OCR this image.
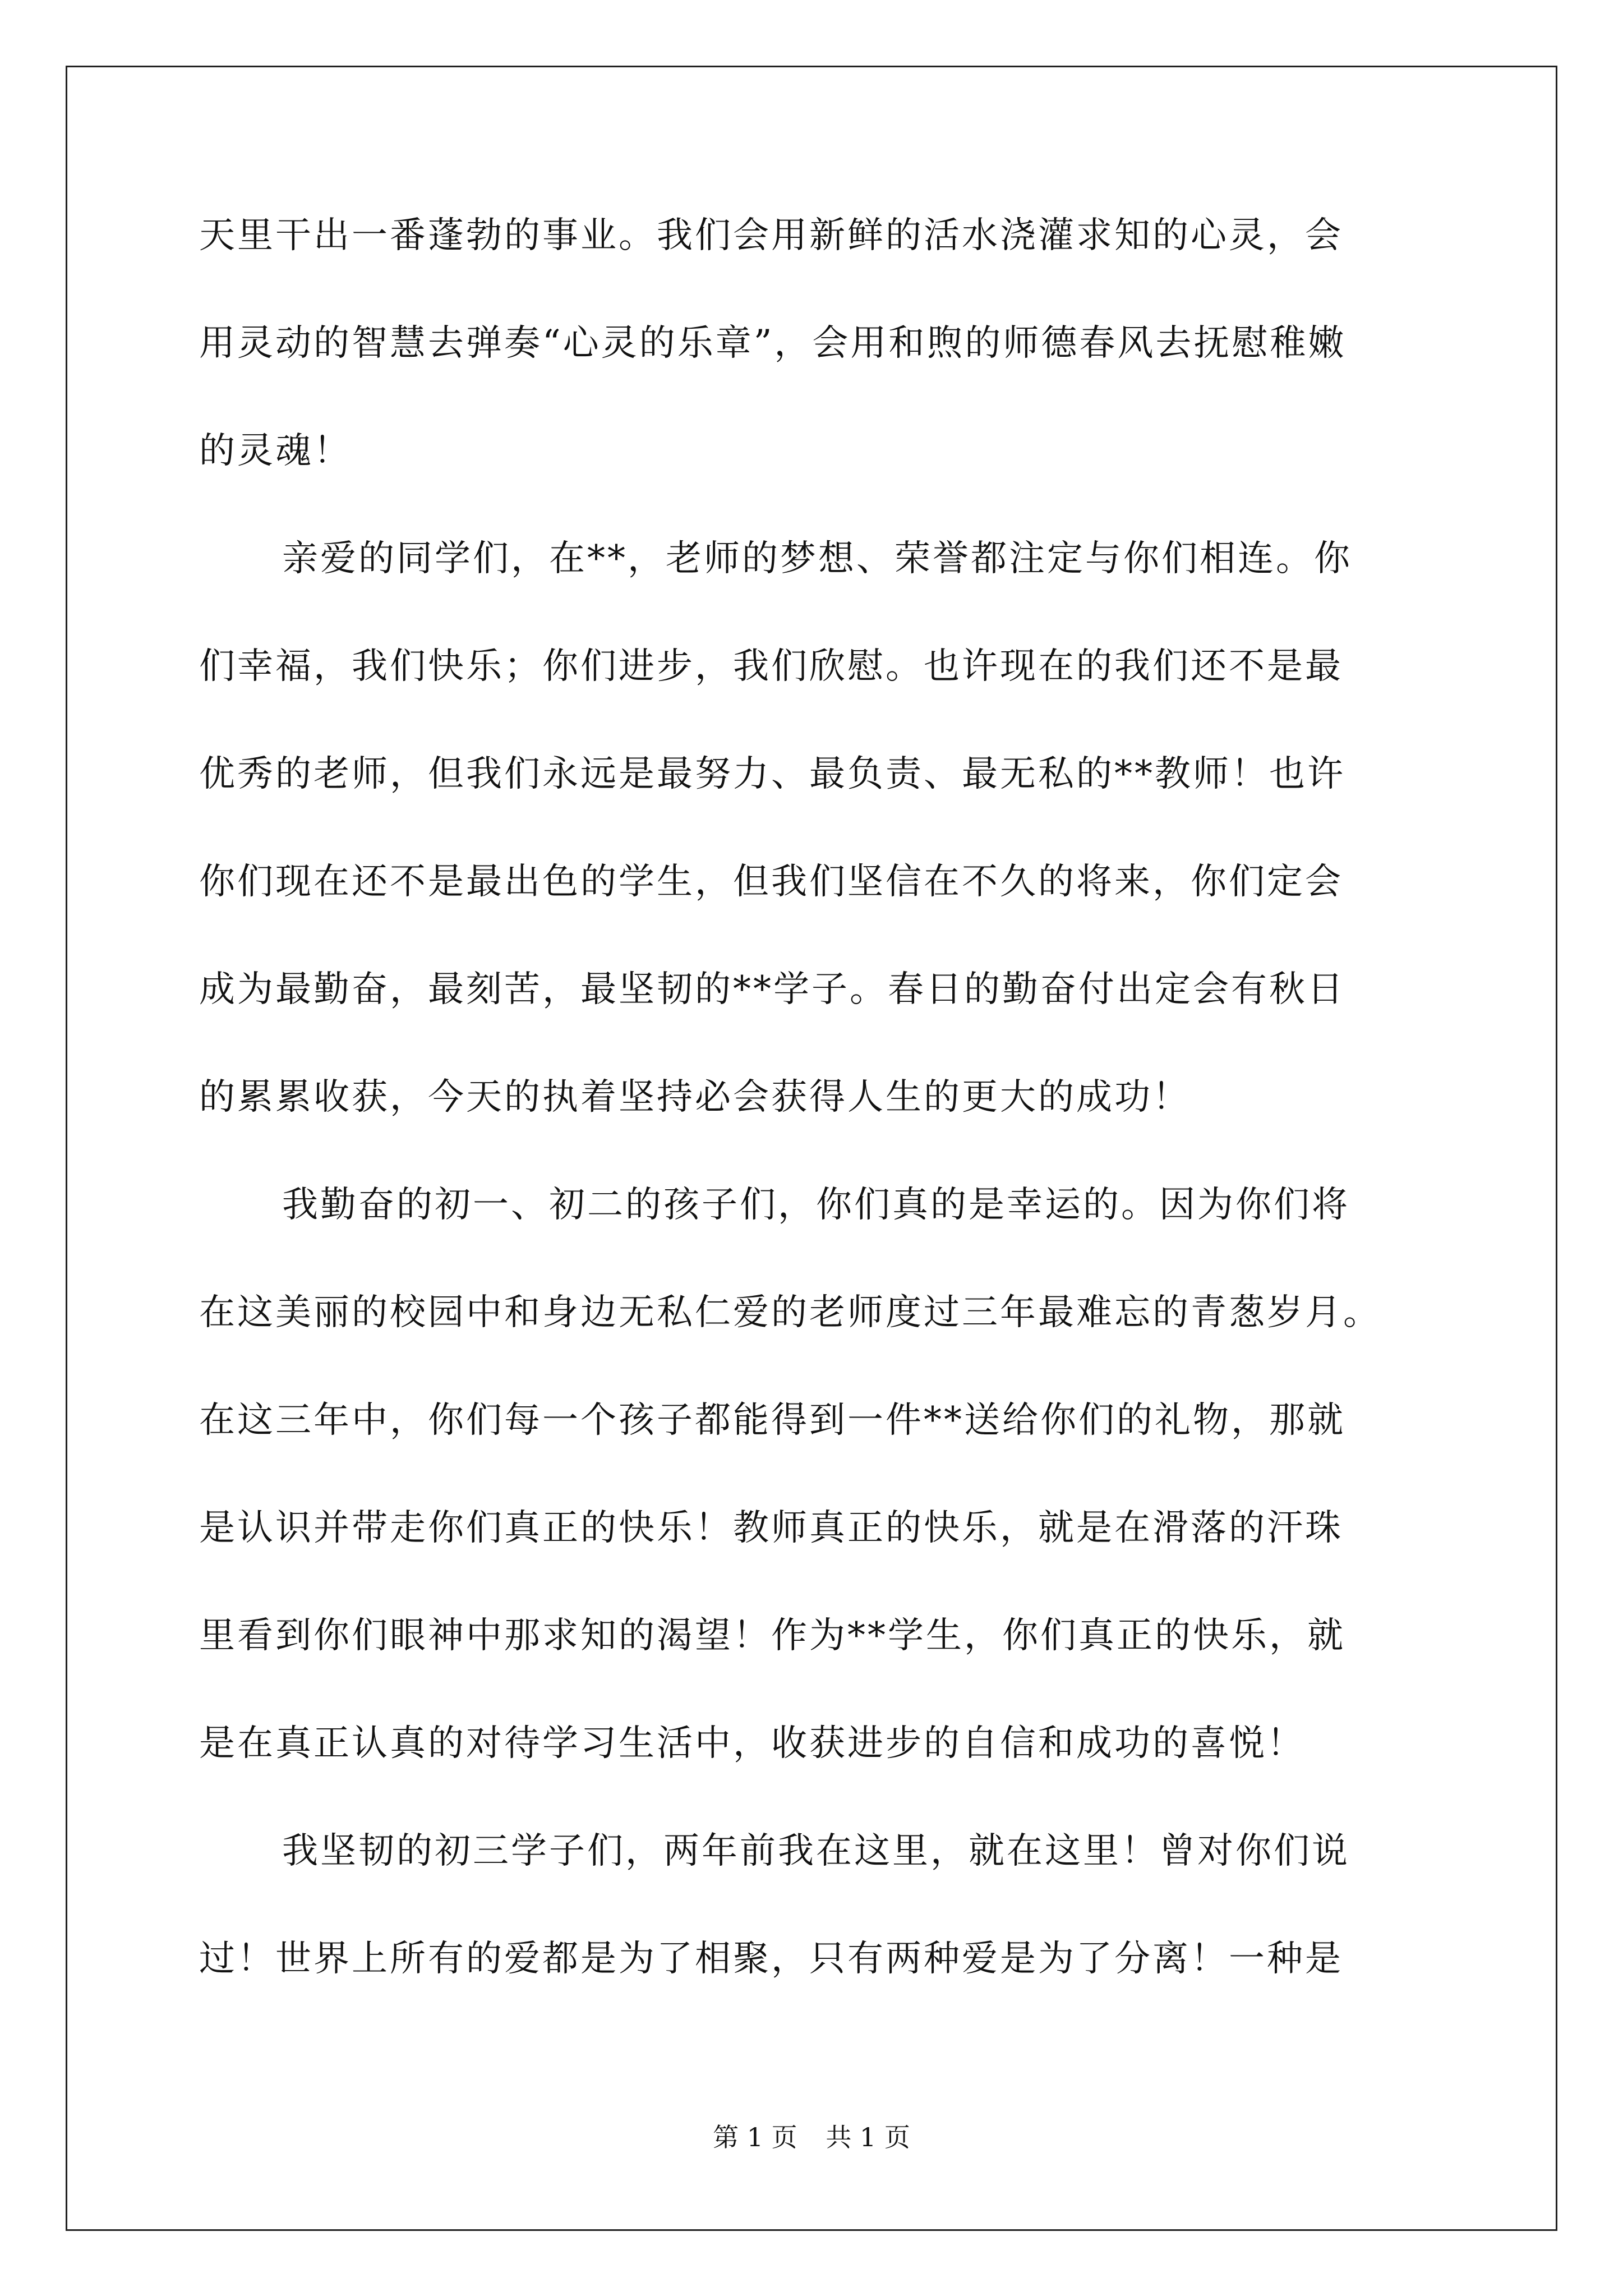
天里干出一番蓬勃的事业。我们会用新鲜的活水浇灌求知的心灵，会
用灵动的智慧去弹奏“心灵的乐章”，会用和煦的师德春风去抚慰稚嫩
的灵魂！
亲爱的同学们，在**，老师的梦想、荣誉都注定与你们相连。你
们幸福，我们快乐；你们进步，我们欣慰。也许现在的我们还不是最
优秀的老师，但我们永远是最努力、最负责、最无私的**教师！也许
你们现在还不是最出色的学生，但我们坚信在不久的将来，你们定会
成为最勤奋，最刻苦，最坚韧的**学子。春日的勤奋付出定会有秋日
的累累收获，今天的执着坚持必会获得人生的更大的成功！
我勤奋的初一、初二的孩子们，你们真的是幸运的。因为你们将
在这美丽的校园中和身边无私仁爱的老师度过三年最难忘的青葱岁月。
在这三年中，你们每一个孩子都能得到一件**送给你们的礼物，那就
是认识并带走你们真正的快乐！教师真正的快乐，就是在滑落的汗珠
里看到你们眼神中那求知的渴望！作为**学生，你们真正的快乐，就
是在真正认真的对待学习生活中，收获进步的自信和成功的喜悦！
我坚韧的初三学子们，两年前我在这里，就在这里！曾对你们说
过！世界上所有的爱都是为了相聚，只有两种爱是为了分离！一种是
第 1 页 共 1 页
